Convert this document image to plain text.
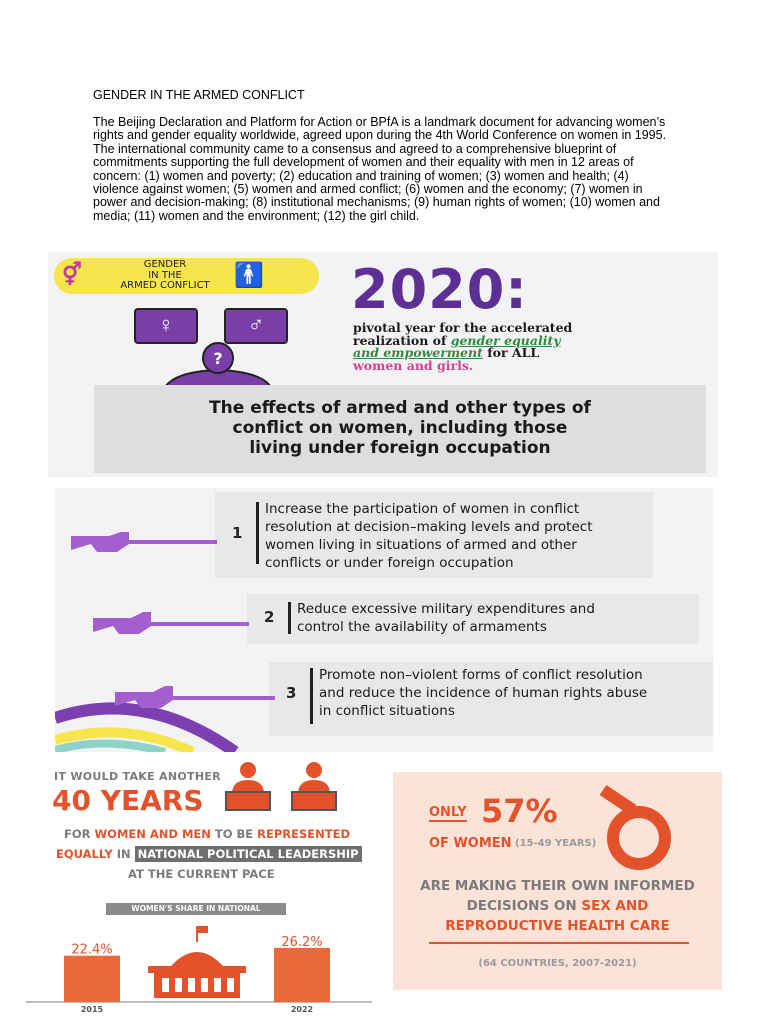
GENDER IN THE ARMED CONFLICT
The Beijing Declaration and Platform for Action or BPfA is a landmark document for advancing women’s rights and gender equality worldwide, agreed upon during the 4th World Conference on women in 1995. The international community came to a consensus and agreed to a comprehensive blueprint of commitments supporting the full development of women and their equality with men in 12 areas of concern: (1) women and poverty; (2) education and training of women; (3) women and health; (4) violence against women; (5) women and armed conflict; (6) women and the economy; (7) women in power and decision-making; (8) institutional mechanisms; (9) human rights of women; (10) women and media; (11) women and the environment; (12) the girl child.
⚥	GENDER
IN THE
ARMED CONFLICT	🚹
♀	♂
?
2020:
pivotal year for the accelerated
realization of gender equality
and empowerment for ALL
women and girls.
The effects of armed and other types of
conflict on women, including those
living under foreign occupation
1
Increase the participation of women in conflict
resolution at decision–making levels and protect
women living in situations of armed and other
conflicts or under foreign occupation
2 Reduce excessive military expenditures and
control the availability of armaments
3
Promote non–violent forms of conflict resolution
and reduce the incidence of human rights abuse
in conflict situations
IT WOULD TAKE ANOTHER
40 YEARS
FOR WOMEN AND MEN TO BE REPRESENTED
EQUALLY IN NATIONAL POLITICAL LEADERSHIP
AT THE CURRENT PACE
WOMEN'S SHARE IN NATIONAL PARLIAMENTS
22.4%
2015
26.2%
2022
ONLY 57%
OF WOMEN (15-49 YEARS)
ARE MAKING THEIR OWN INFORMED
DECISIONS ON SEX AND
REPRODUCTIVE HEALTH CARE
(64 COUNTRIES, 2007-2021)
